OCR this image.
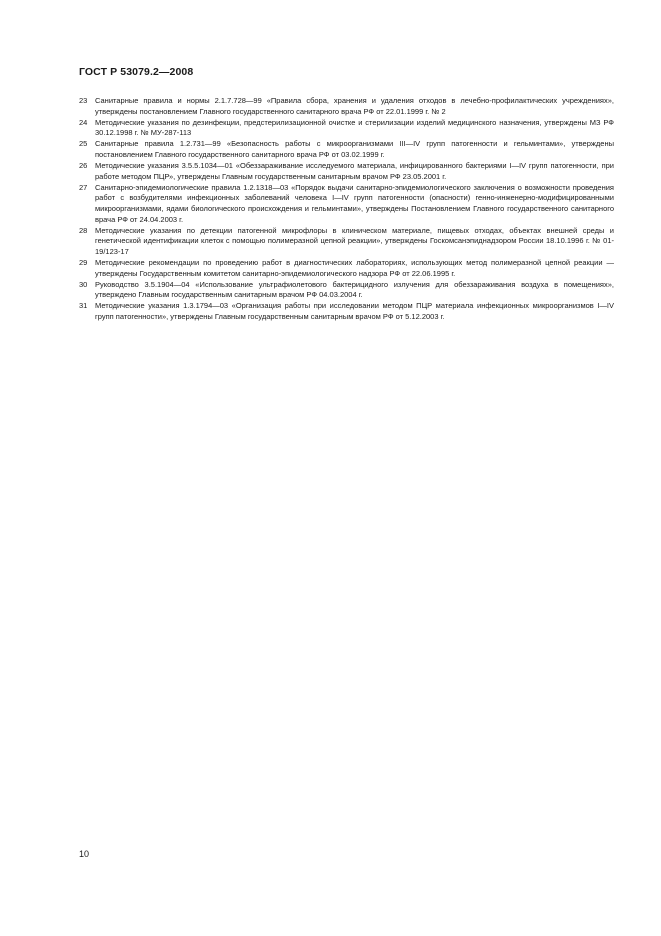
ГОСТ Р 53079.2—2008
23 Санитарные правила и нормы 2.1.7.728—99 «Правила сбора, хранения и удаления отходов в лечебно-профилактических учреждениях», утверждены постановлением Главного государственного санитарного врача РФ от 22.01.1999 г. № 2
24 Методические указания по дезинфекции, предстерилизационной очистке и стерилизации изделий медицинского назначения, утверждены МЗ РФ 30.12.1998 г. № МУ-287-113
25 Санитарные правила 1.2.731—99 «Безопасность работы с микроорганизмами III—IV групп патогенности и гельминтами», утверждены постановлением Главного государственного санитарного врача РФ от 03.02.1999 г.
26 Методические указания 3.5.5.1034—01 «Обеззараживание исследуемого материала, инфицированного бактериями I—IV групп патогенности, при работе методом ПЦР», утверждены Главным государственным санитарным врачом РФ 23.05.2001 г.
27 Санитарно-эпидемиологические правила 1.2.1318—03 «Порядок выдачи санитарно-эпидемиологического заключения о возможности проведения работ с возбудителями инфекционных заболеваний человека I—IV групп патогенности (опасности) генно-инженерно-модифицированными микроорганизмами, ядами биологического происхождения и гельминтами», утверждены Постановлением Главного государственного санитарного врача РФ от 24.04.2003 г.
28 Методические указания по детекции патогенной микрофлоры в клиническом материале, пищевых отходах, объектах внешней среды и генетической идентификации клеток с помощью полимеразной цепной реакции», утверждены Госкомсанэпиднадзором России 18.10.1996 г. № 01-19/123-17
29 Методические рекомендации по проведению работ в диагностических лабораториях, использующих метод полимеразной цепной реакции — утверждены Государственным комитетом санитарно-эпидемиологического надзора РФ от 22.06.1995 г.
30 Руководство 3.5.1904—04 «Использование ультрафиолетового бактерицидного излучения для обеззараживания воздуха в помещениях», утверждено Главным государственным санитарным врачом РФ 04.03.2004 г.
31 Методические указания 1.3.1794—03 «Организация работы при исследовании методом ПЦР материала инфекционных микроорганизмов I—IV групп патогенности», утверждены Главным государственным санитарным врачом РФ от 5.12.2003 г.
10
